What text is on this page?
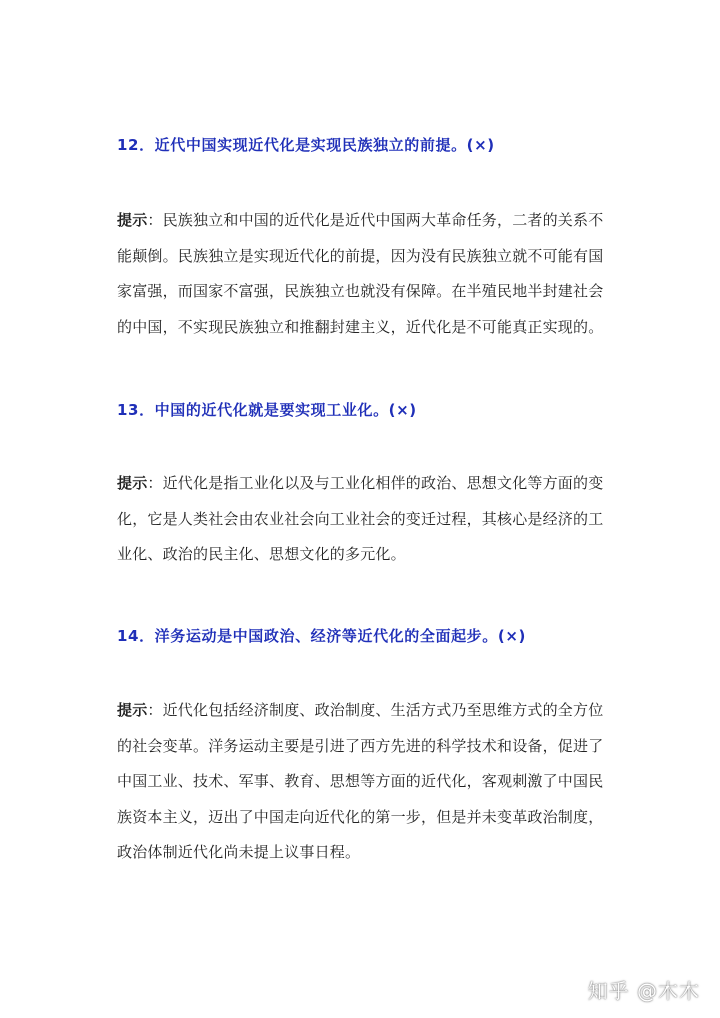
12．近代中国实现近代化是实现民族独立的前提。(×)
提示：民族独立和中国的近代化是近代中国两大革命任务，二者的关系不能颠倒。民族独立是实现近代化的前提，因为没有民族独立就不可能有国家富强，而国家不富强，民族独立也就没有保障。在半殖民地半封建社会的中国，不实现民族独立和推翻封建主义，近代化是不可能真正实现的。
13．中国的近代化就是要实现工业化。(×)
提示：近代化是指工业化以及与工业化相伴的政治、思想文化等方面的变化，它是人类社会由农业社会向工业社会的变迁过程，其核心是经济的工业化、政治的民主化、思想文化的多元化。
14．洋务运动是中国政治、经济等近代化的全面起步。(×)
提示：近代化包括经济制度、政治制度、生活方式乃至思维方式的全方位的社会变革。洋务运动主要是引进了西方先进的科学技术和设备，促进了中国工业、技术、军事、教育、思想等方面的近代化，客观刺激了中国民族资本主义，迈出了中国走向近代化的第一步，但是并未变革政治制度，政治体制近代化尚未提上议事日程。
知乎 @木木
